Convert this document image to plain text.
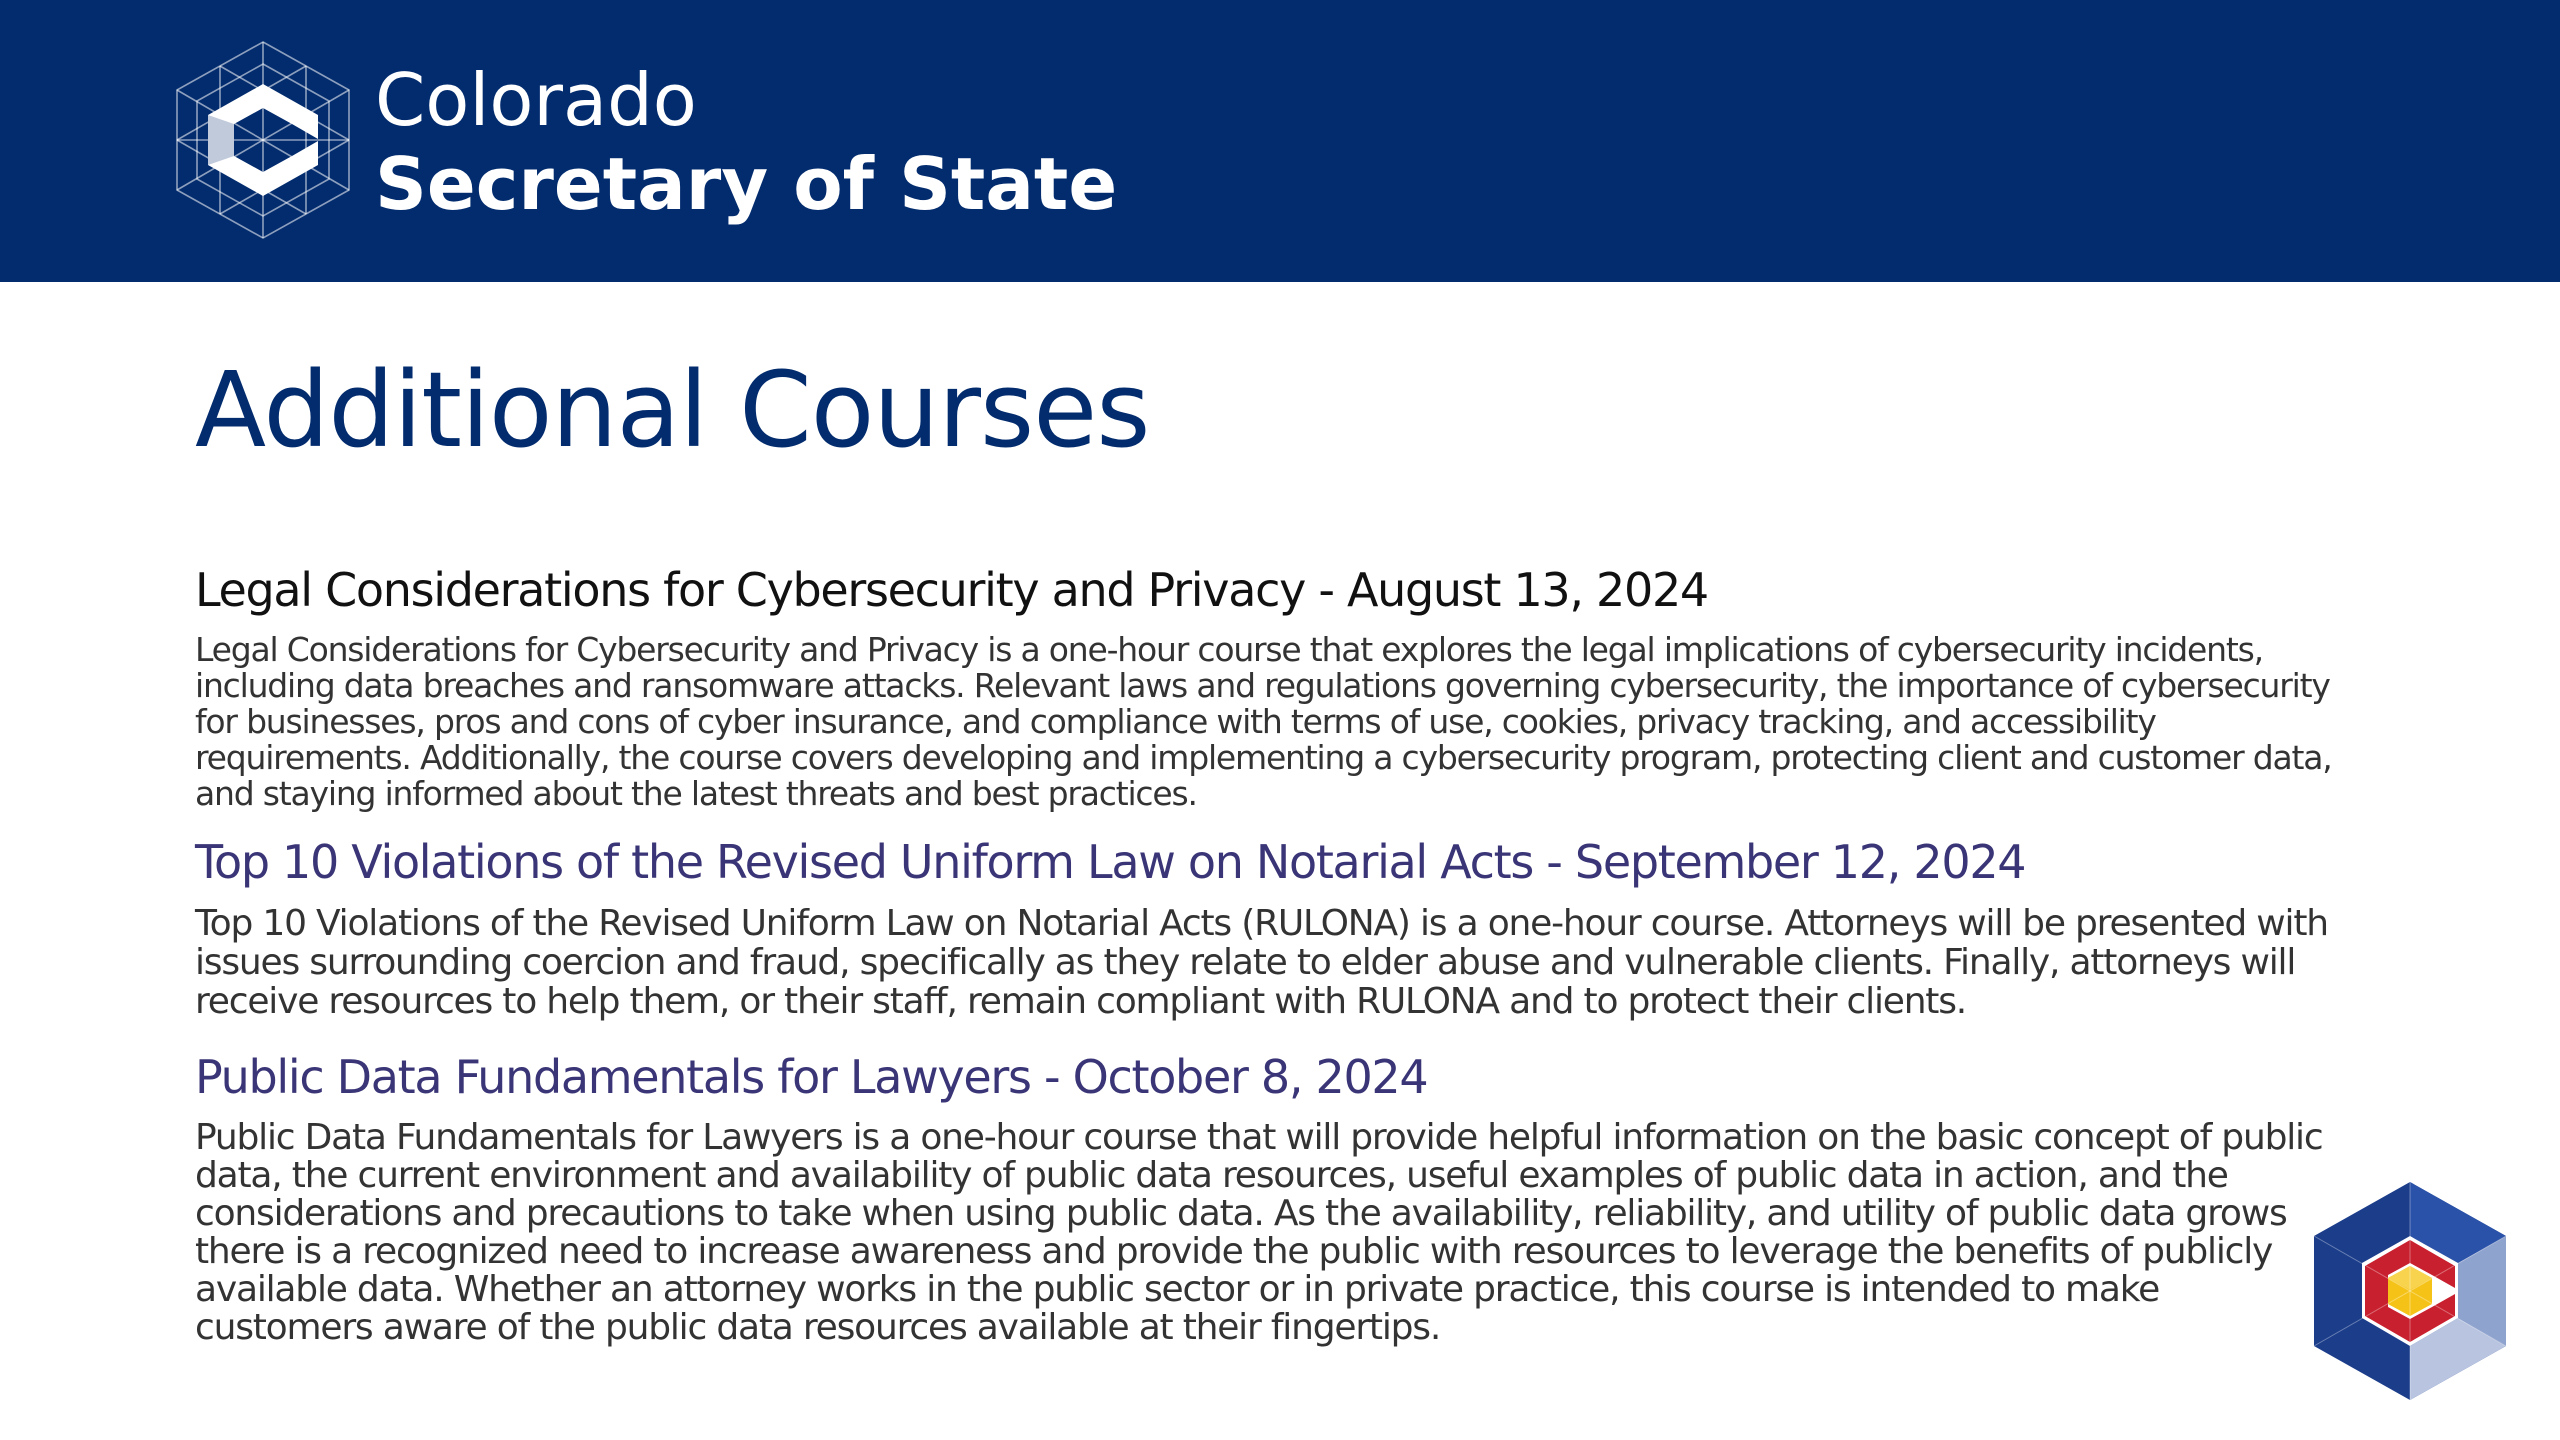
Colorado
Secretary of State
Additional Courses
Legal Considerations for Cybersecurity and Privacy - August 13, 2024

Legal Considerations for Cybersecurity and Privacy is a one-hour course that explores the legal implications of cybersecurity incidents, including data breaches and ransomware attacks. Relevant laws and regulations governing cybersecurity, the importance of cybersecurity for businesses, pros and cons of cyber insurance, and compliance with terms of use, cookies, privacy tracking, and accessibility requirements. Additionally, the course covers developing and implementing a cybersecurity program, protecting client and customer data, and staying informed about the latest threats and best practices.

Top 10 Violations of the Revised Uniform Law on Notarial Acts - September 12, 2024

Top 10 Violations of the Revised Uniform Law on Notarial Acts (RULONA) is a one-hour course. Attorneys will be presented with issues surrounding coercion and fraud, specifically as they relate to elder abuse and vulnerable clients. Finally, attorneys will receive resources to help them, or their staff, remain compliant with RULONA and to protect their clients.

Public Data Fundamentals for Lawyers - October 8, 2024

Public Data Fundamentals for Lawyers is a one-hour course that will provide helpful information on the basic concept of public data, the current environment and availability of public data resources, useful examples of public data in action, and the considerations and precautions to take when using public data. As the availability, reliability, and utility of public data grows there is a recognized need to increase awareness and provide the public with resources to leverage the benefits of publicly available data. Whether an attorney works in the public sector or in private practice, this course is intended to make customers aware of the public data resources available at their fingertips.
